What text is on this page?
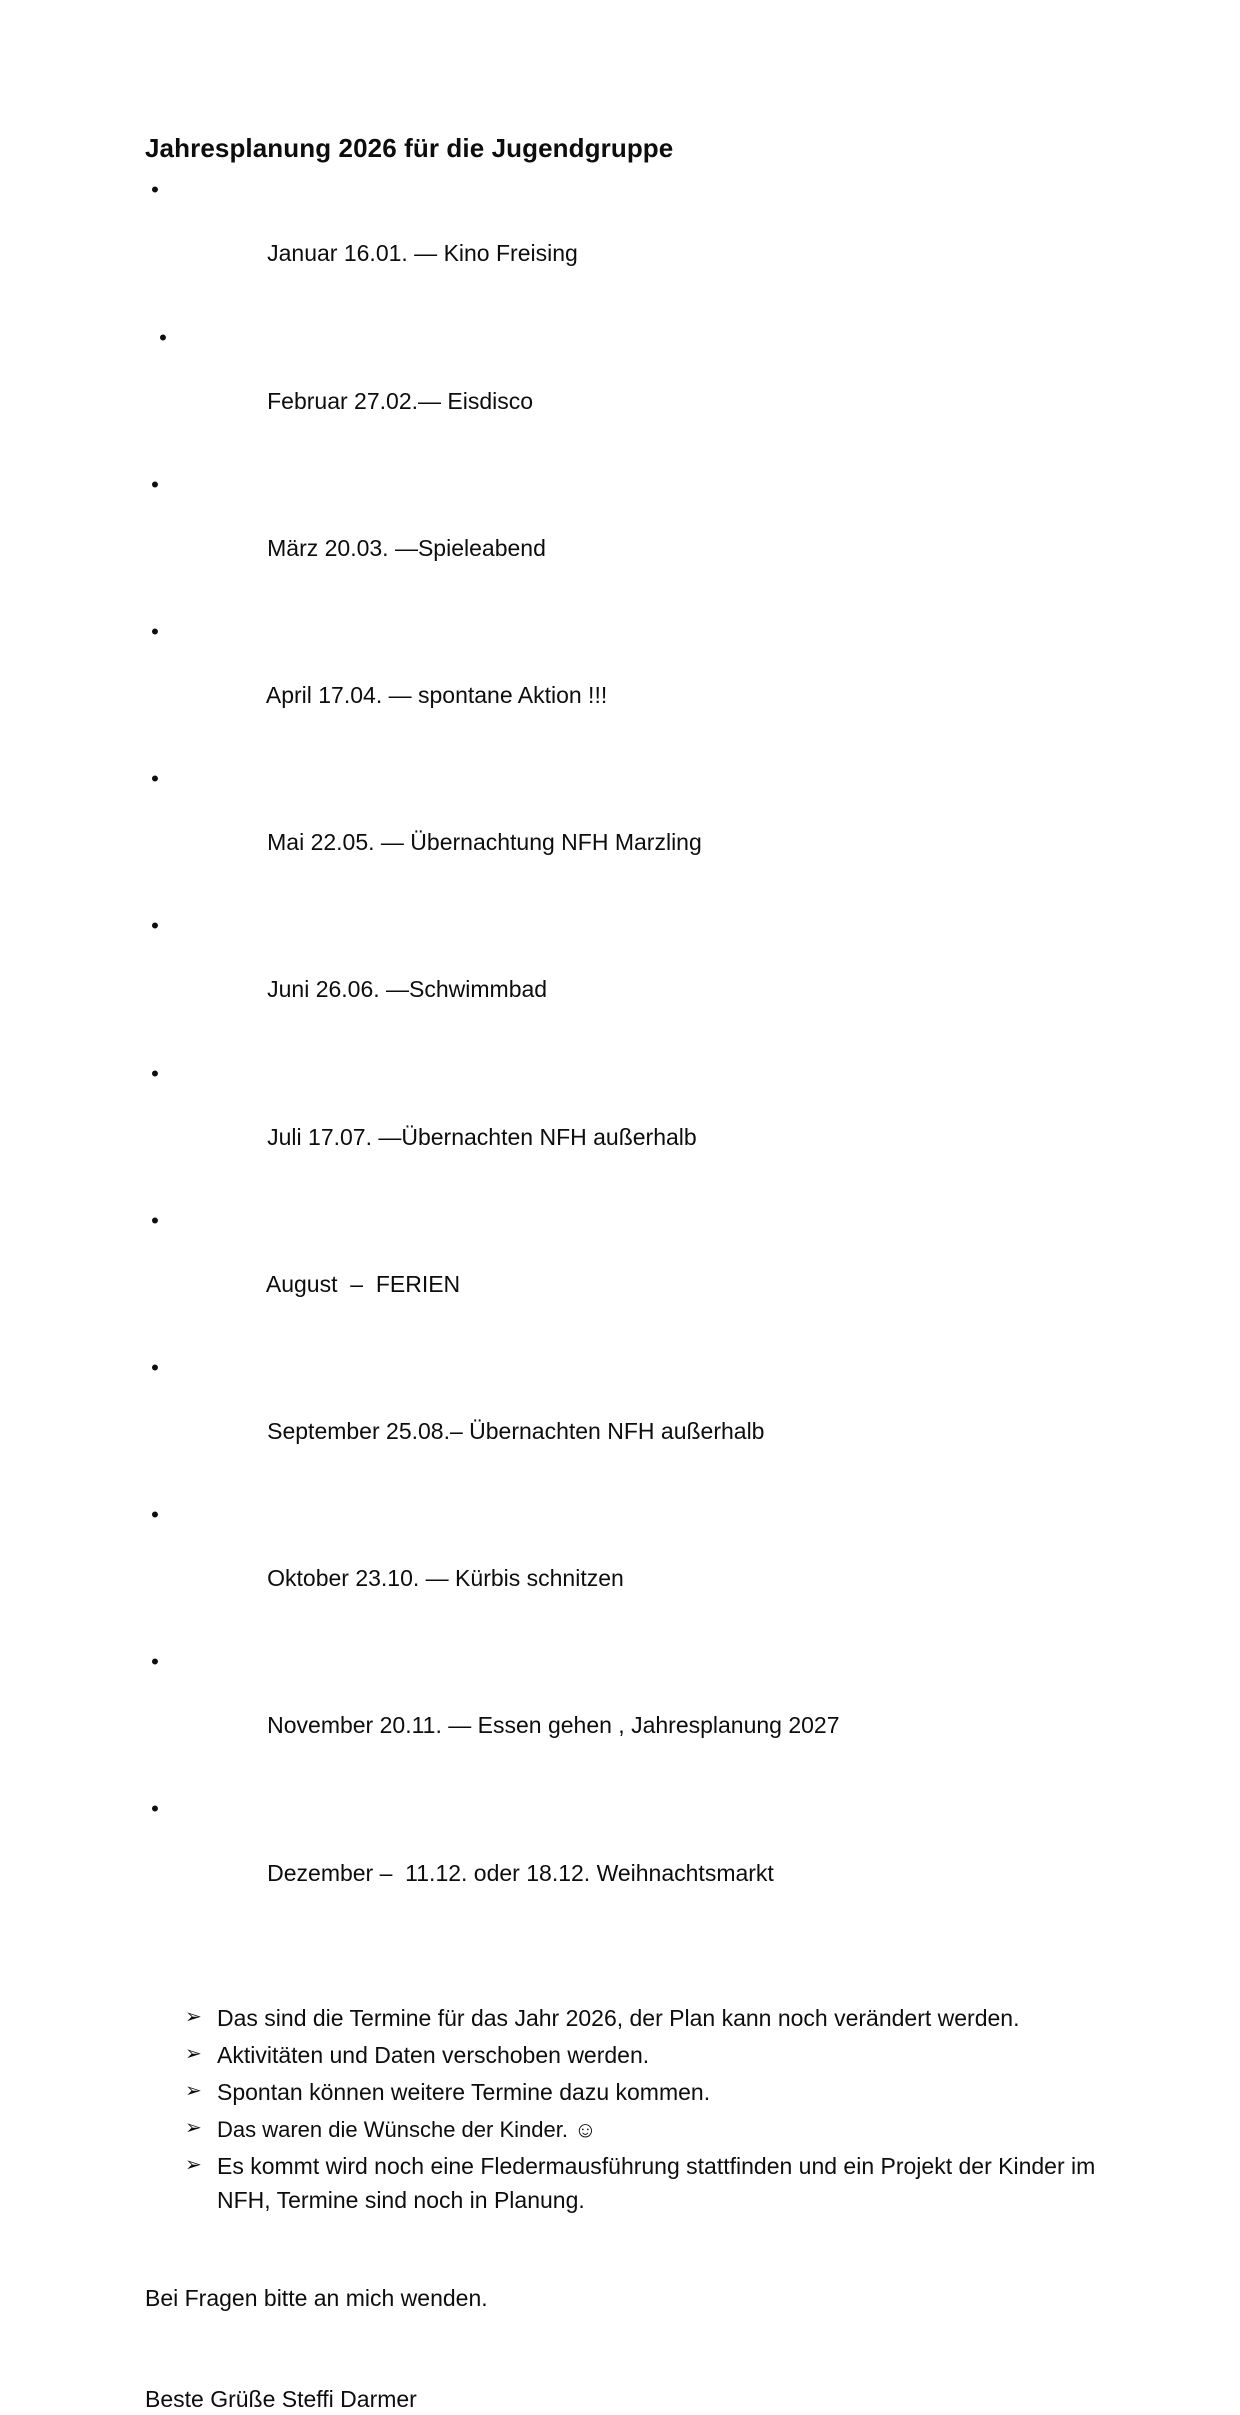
Jahresplanung 2026 für die Jugendgruppe

•

Januar 16.01. — Kino Freising

•

Februar 27.02.— Eisdisco

•

März 20.03. —Spieleabend

•

April 17.04. — spontane Aktion !!!

•

Mai 22.05. — Übernachtung NFH Marzling

•

Juni 26.06. —Schwimmbad

•

Juli 17.07. —Übernachten NFH außerhalb

•

August  –  FERIEN

•

September 25.08.– Übernachten NFH außerhalb

•

Oktober 23.10. — Kürbis schnitzen

•

November 20.11. — Essen gehen , Jahresplanung 2027

•

Dezember –  11.12. oder 18.12. Weihnachtsmarkt

➢ Das sind die Termine für das Jahr 2026, der Plan kann noch verändert werden.
➢ Aktivitäten und Daten verschoben werden.
➢ Spontan können weitere Termine dazu kommen.
➢ Das waren die Wünsche der Kinder. ☺
➢ Es kommt wird noch eine Fledermausführung stattfinden und ein Projekt der Kinder im NFH, Termine sind noch in Planung.

Bei Fragen bitte an mich wenden.

Beste Grüße Steffi Darmer
